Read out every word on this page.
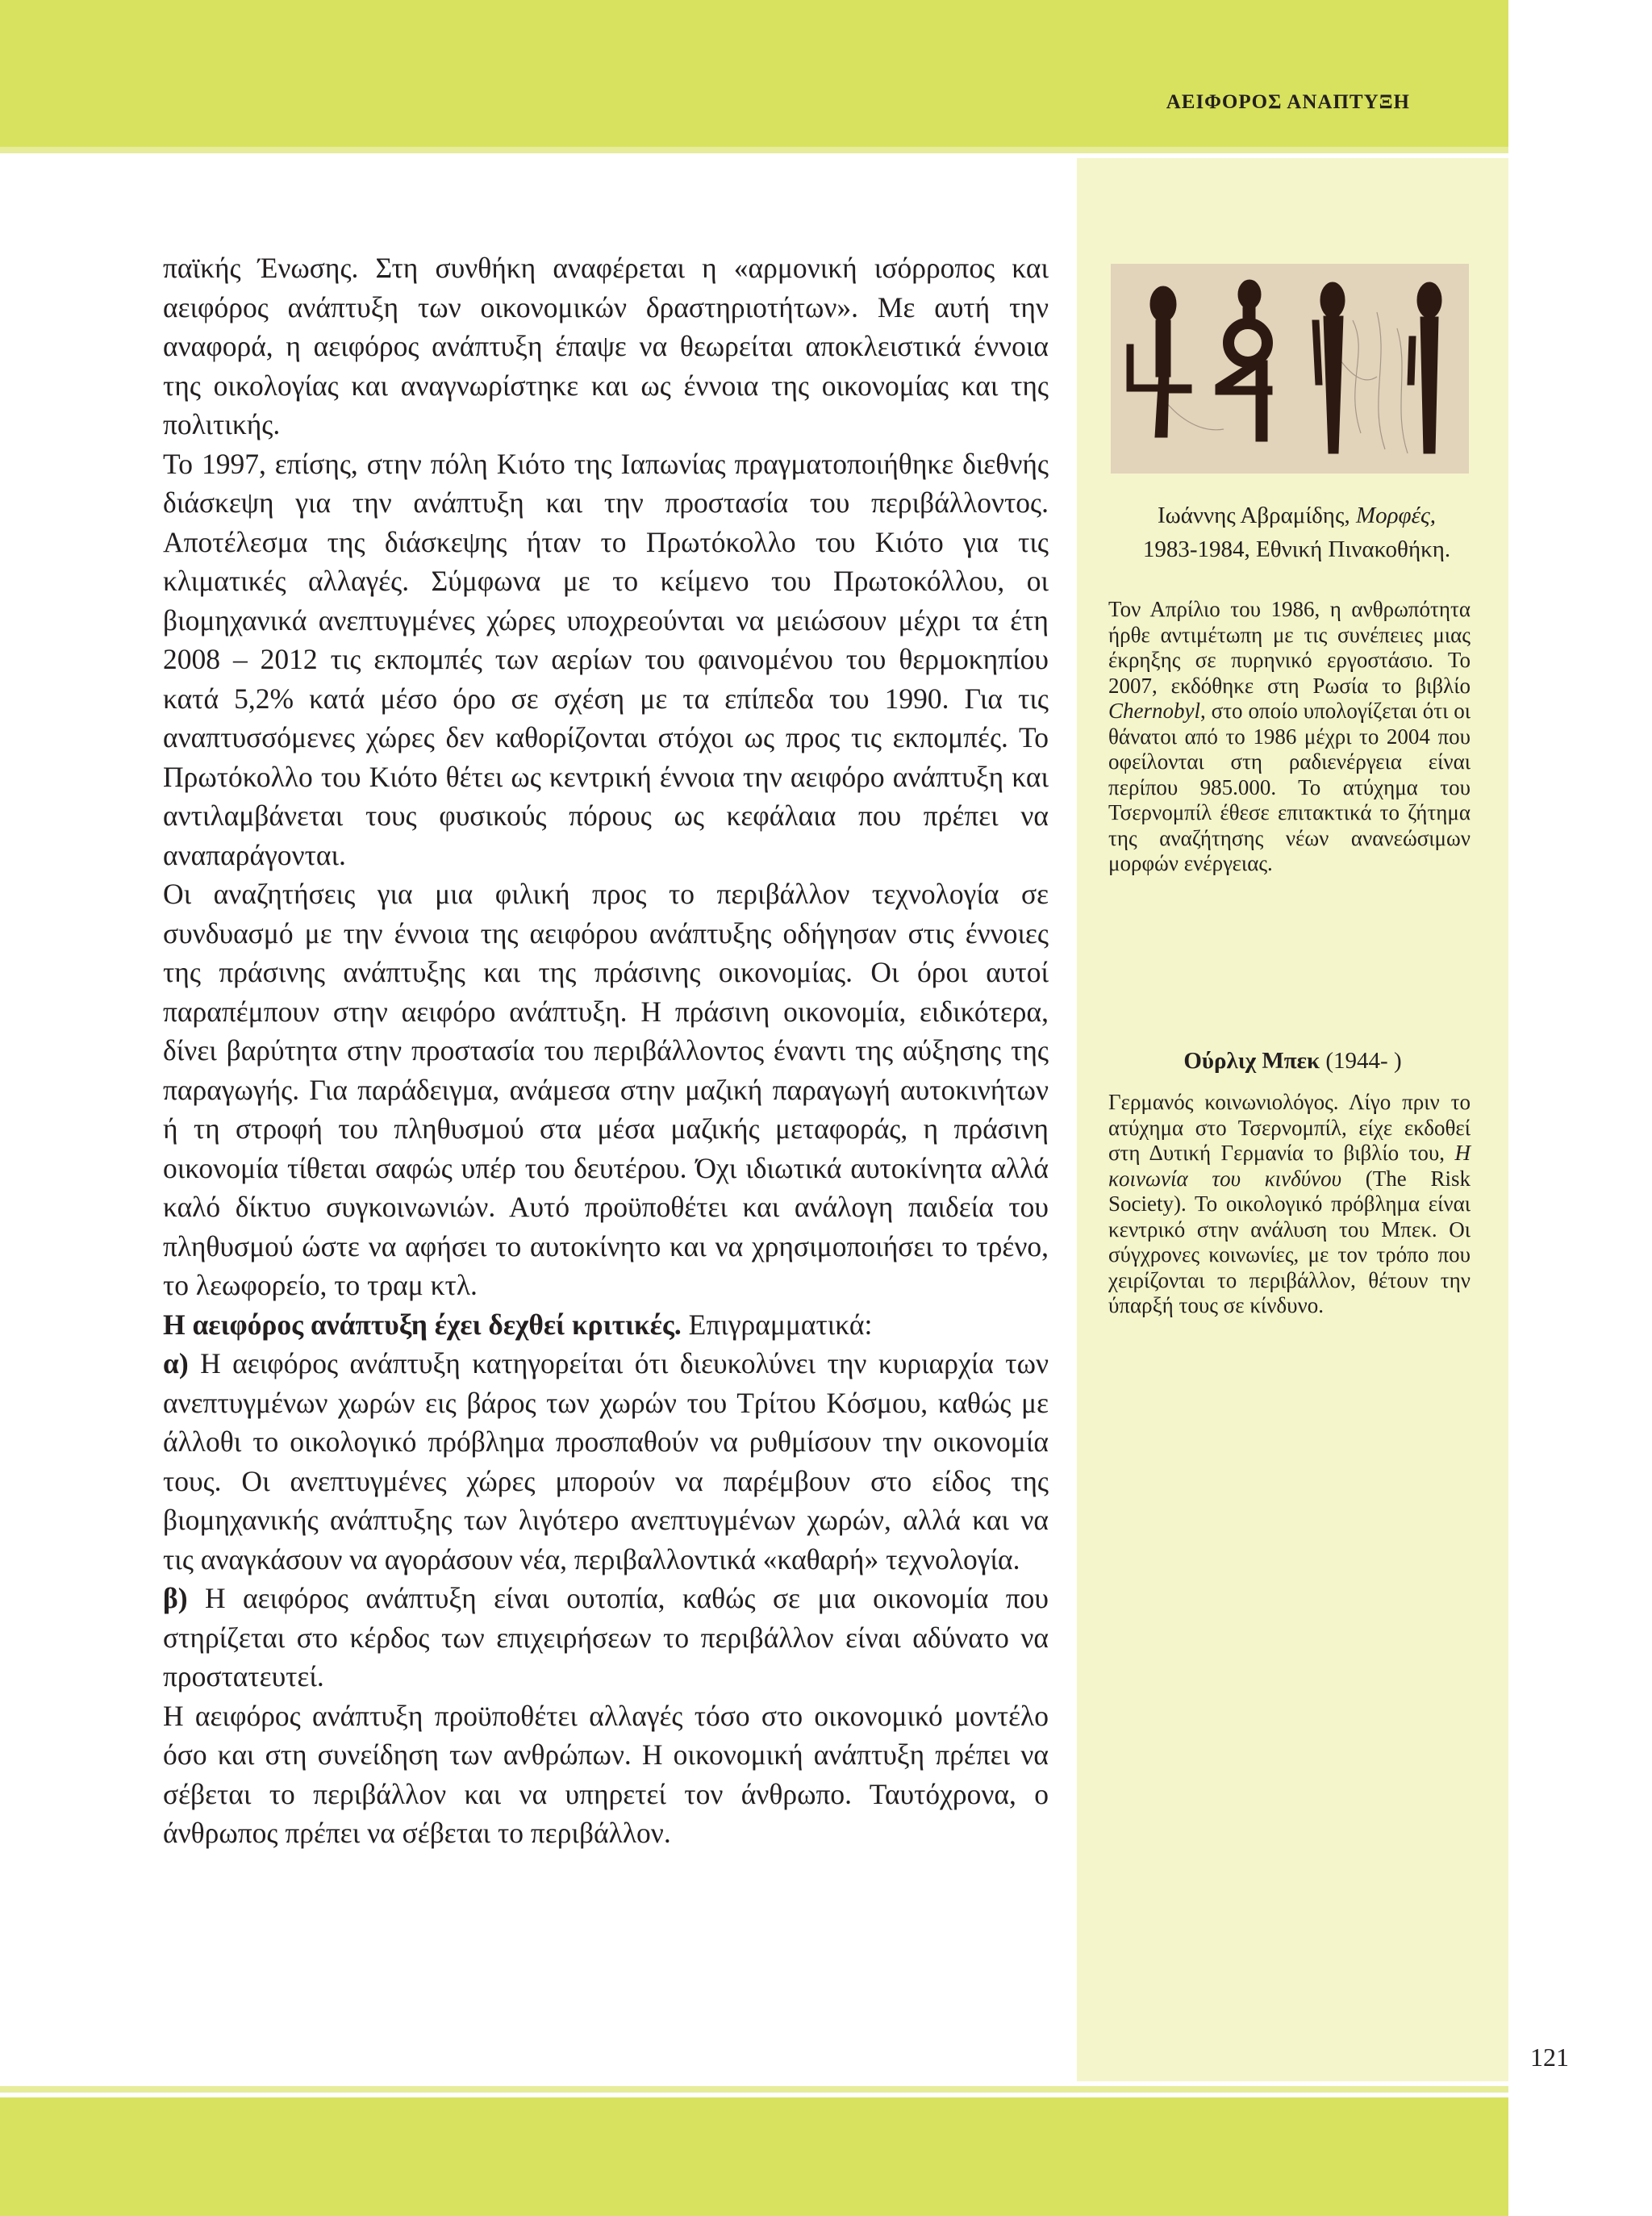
ΑΕΙΦΟΡΟΣ ΑΝΑΠΤΥΞΗ

παϊκής Ένωσης. Στη συνθήκη αναφέρεται η «αρμονική ισόρροπος και αειφόρος ανάπτυξη των οικονομικών δραστηριοτήτων». Με αυτή την αναφορά, η αειφόρος ανάπτυξη έπαψε να θεωρείται αποκλειστικά έννοια της οικολογίας και αναγνωρίστηκε και ως έννοια της οικονομίας και της πολιτικής.

Το 1997, επίσης, στην πόλη Κιότο της Ιαπωνίας πραγματοποιήθηκε διεθνής διάσκεψη για την ανάπτυξη και την προστασία του περιβάλλοντος. Αποτέλεσμα της διάσκεψης ήταν το Πρωτόκολλο του Κιότο για τις κλιματικές αλλαγές. Σύμφωνα με το κείμενο του Πρωτοκόλλου, οι βιομηχανικά ανεπτυγμένες χώρες υποχρεούνται να μειώσουν μέχρι τα έτη 2008 – 2012 τις εκπομπές των αερίων του φαινομένου του θερμοκηπίου κατά 5,2% κατά μέσο όρο σε σχέση με τα επίπεδα του 1990. Για τις αναπτυσσόμενες χώρες δεν καθορίζονται στόχοι ως προς τις εκπομπές. Το Πρωτόκολλο του Κιότο θέτει ως κεντρική έννοια την αειφόρο ανάπτυξη και αντιλαμβάνεται τους φυσικούς πόρους ως κεφάλαια που πρέπει να αναπαράγονται.

Οι αναζητήσεις για μια φιλική προς το περιβάλλον τεχνολογία σε συνδυασμό με την έννοια της αειφόρου ανάπτυξης οδήγησαν στις έννοιες της πράσινης ανάπτυξης και της πράσινης οικονομίας. Οι όροι αυτοί παραπέμπουν στην αειφόρο ανάπτυξη. Η πράσινη οικονομία, ειδικότερα, δίνει βαρύτητα στην προστασία του περιβάλλοντος έναντι της αύξησης της παραγωγής. Για παράδειγμα, ανάμεσα στην μαζική παραγωγή αυτοκινήτων ή τη στροφή του πληθυσμού στα μέσα μαζικής μεταφοράς, η πράσινη οικονομία τίθεται σαφώς υπέρ του δευτέρου. Όχι ιδιωτικά αυτοκίνητα αλλά καλό δίκτυο συγκοινωνιών. Αυτό προϋποθέτει και ανάλογη παιδεία του πληθυσμού ώστε να αφήσει το αυτοκίνητο και να χρησιμοποιήσει το τρένο, το λεωφορείο, το τραμ κτλ.

Η αειφόρος ανάπτυξη έχει δεχθεί κριτικές. Επιγραμματικά:

α) Η αειφόρος ανάπτυξη κατηγορείται ότι διευκολύνει την κυριαρχία των ανεπτυγμένων χωρών εις βάρος των χωρών του Τρίτου Κόσμου, καθώς με άλλοθι το οικολογικό πρόβλημα προσπαθούν να ρυθμίσουν την οικονομία τους. Οι ανεπτυγμένες χώρες μπορούν να παρέμβουν στο είδος της βιομηχανικής ανάπτυξης των λιγότερο ανεπτυγμένων χωρών, αλλά και να τις αναγκάσουν να αγοράσουν νέα, περιβαλλοντικά «καθαρή» τεχνολογία.

β) Η αειφόρος ανάπτυξη είναι ουτοπία, καθώς σε μια οικονομία που στηρίζεται στο κέρδος των επιχειρήσεων το περιβάλλον είναι αδύνατο να προστατευτεί.

Η αειφόρος ανάπτυξη προϋποθέτει αλλαγές τόσο στο οικονομικό μοντέλο όσο και στη συνείδηση των ανθρώπων. Η οικονομική ανάπτυξη πρέπει να σέβεται το περιβάλλον και να υπηρετεί τον άνθρωπο. Ταυτόχρονα, ο άνθρωπος πρέπει να σέβεται το περιβάλλον.

Ιωάννης Αβραμίδης, Μορφές,
1983-1984, Εθνική Πινακοθήκη.

Τον Απρίλιο του 1986, η ανθρωπότητα ήρθε αντιμέτωπη με τις συνέπειες μιας έκρηξης σε πυρηνικό εργοστάσιο. Το 2007, εκδόθηκε στη Ρωσία το βιβλίο Chernobyl, στο οποίο υπολογίζεται ότι οι θάνατοι από το 1986 μέχρι το 2004 που οφείλονται στη ραδιενέργεια είναι περίπου 985.000. Το ατύχημα του Τσερνομπίλ έθεσε επιτακτικά το ζήτημα της αναζήτησης νέων ανανεώσιμων μορφών ενέργειας.

Ούρλιχ Μπεκ (1944- )

Γερμανός κοινωνιολόγος. Λίγο πριν το ατύχημα στο Τσερνομπίλ, είχε εκδοθεί στη Δυτική Γερμανία το βιβλίο του, Η κοινωνία του κινδύνου (The Risk Society). Το οικολογικό πρόβλημα είναι κεντρικό στην ανάλυση του Μπεκ. Οι σύγχρονες κοινωνίες, με τον τρόπο που χειρίζονται το περιβάλλον, θέτουν την ύπαρξή τους σε κίνδυνο.

121
